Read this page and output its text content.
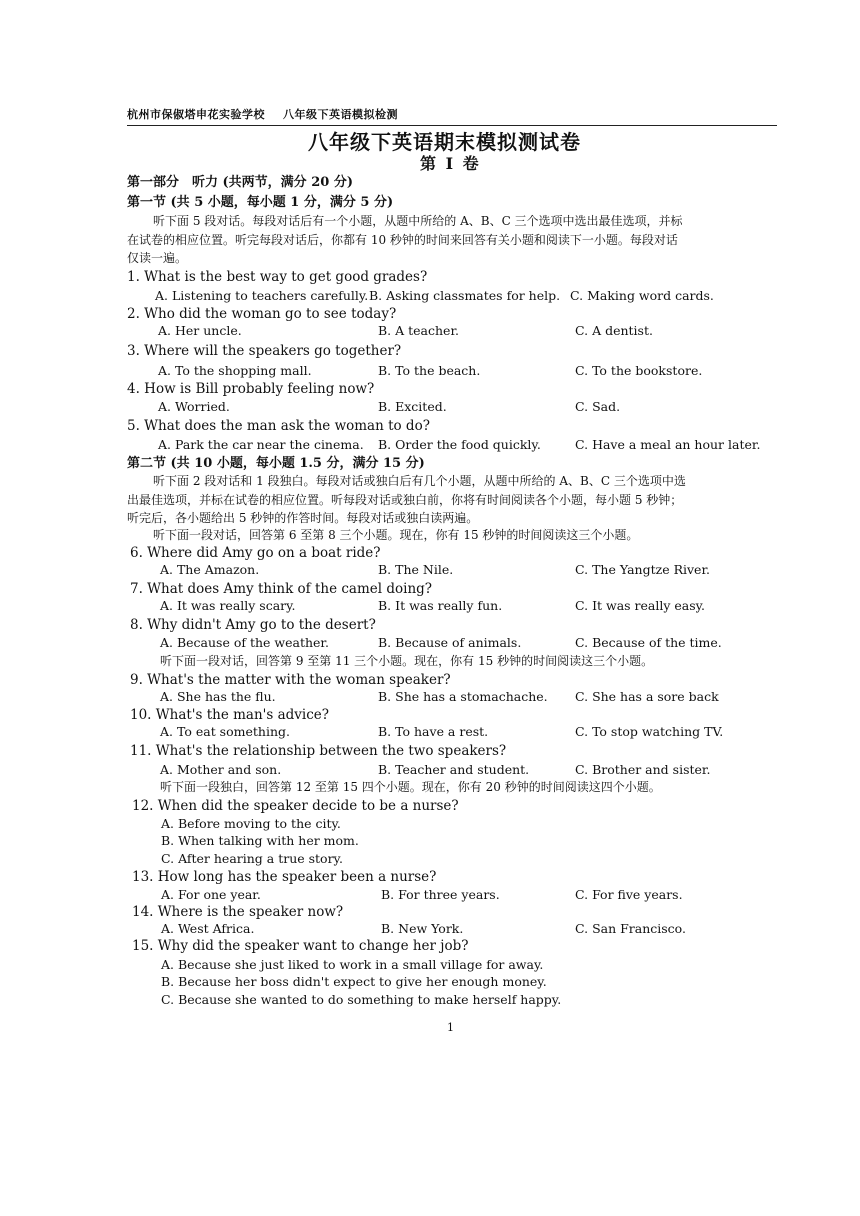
杭州市保俶塔申花实验学校 八年级下英语模拟检测
八年级下英语期末模拟测试卷
第 I 卷
第一部分　听力 (共两节，满分 20 分)
第一节 (共 5 小题，每小题 1 分，满分 5 分)
听下面 5 段对话。每段对话后有一个小题，从题中所给的 A、B、C 三个选项中选出最佳选项，并标
在试卷的相应位置。听完每段对话后，你都有 10 秒钟的时间来回答有关小题和阅读下一小题。每段对话
仅读一遍。
1. What is the best way to get good grades?
A. Listening to teachers carefully. B. Asking classmates for help. C. Making word cards.
2. Who did the woman go to see today?
A. Her uncle.	B. A teacher.	C. A dentist.
3. Where will the speakers go together?
A. To the shopping mall.	B. To the beach.	C. To the bookstore.
4. How is Bill probably feeling now?
A. Worried.	B. Excited.	C. Sad.
5. What does the man ask the woman to do?
A. Park the car near the cinema.	B. Order the food quickly.	C. Have a meal an hour later.
第二节 (共 10 小题，每小题 1.5 分，满分 15 分)
听下面 2 段对话和 1 段独白。每段对话或独白后有几个小题，从题中所给的 A、B、C 三个选项中选
出最佳选项，并标在试卷的相应位置。听每段对话或独白前，你将有时间阅读各个小题，每小题 5 秒钟；
听完后，各小题给出 5 秒钟的作答时间。每段对话或独白读两遍。
听下面一段对话，回答第 6 至第 8 三个小题。现在，你有 15 秒钟的时间阅读这三个小题。
6. Where did Amy go on a boat ride?
A. The Amazon.	B. The Nile.	C. The Yangtze River.
7. What does Amy think of the camel doing?
A. It was really scary.	B. It was really fun.	C. It was really easy.
8. Why didn't Amy go to the desert?
A. Because of the weather.	B. Because of animals.	C. Because of the time.
听下面一段对话，回答第 9 至第 11 三个小题。现在，你有 15 秒钟的时间阅读这三个小题。
9. What's the matter with the woman speaker?
A. She has the flu.	B. She has a stomachache.	C. She has a sore back
10. What's the man's advice?
A. To eat something.	B. To have a rest.	C. To stop watching TV.
11. What's the relationship between the two speakers?
A. Mother and son.	B. Teacher and student.	C. Brother and sister.
听下面一段独白，回答第 12 至第 15 四个小题。现在，你有 20 秒钟的时间阅读这四个小题。
12. When did the speaker decide to be a nurse?
A. Before moving to the city.
B. When talking with her mom.
C. After hearing a true story.
13. How long has the speaker been a nurse?
A. For one year.	B. For three years.	C. For five years.
14. Where is the speaker now?
A. West Africa.	B. New York.	C. San Francisco.
15. Why did the speaker want to change her job?
A. Because she just liked to work in a small village for away.
B. Because her boss didn't expect to give her enough money.
C. Because she wanted to do something to make herself happy.
1
